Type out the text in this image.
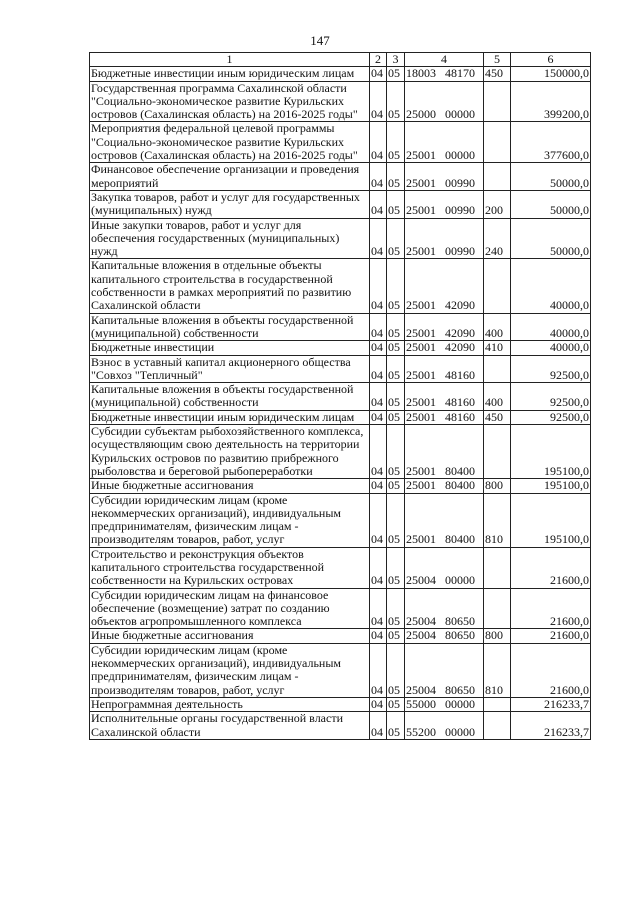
147
1	2	3	4	5	6
Бюджетные инвестиции иным юридическим лицам	04	05	18003 48170	450	150000,0
Государственная программа Сахалинской области "Социально-экономическое развитие Курильских островов (Сахалинская область) на 2016-2025 годы"	04	05	25000 00000		399200,0
Мероприятия федеральной целевой программы "Социально-экономическое развитие Курильских островов (Сахалинская область) на 2016-2025 годы"	04	05	25001 00000		377600,0
Финансовое обеспечение организации и проведения мероприятий	04	05	25001 00990		50000,0
Закупка товаров, работ и услуг для государственных (муниципальных) нужд	04	05	25001 00990	200	50000,0
Иные закупки товаров, работ и услуг для обеспечения государственных (муниципальных) нужд	04	05	25001 00990	240	50000,0
Капитальные вложения в отдельные объекты капитального строительства в государственной собственности в рамках мероприятий по развитию Сахалинской области	04	05	25001 42090		40000,0
Капитальные вложения в объекты государственной (муниципальной) собственности	04	05	25001 42090	400	40000,0
Бюджетные инвестиции	04	05	25001 42090	410	40000,0
Взнос в уставный капитал акционерного общества "Совхоз "Тепличный"	04	05	25001 48160		92500,0
Капитальные вложения в объекты государственной (муниципальной) собственности	04	05	25001 48160	400	92500,0
Бюджетные инвестиции иным юридическим лицам	04	05	25001 48160	450	92500,0
Субсидии субъектам рыбохозяйственного комплекса, осуществляющим свою деятельность на территории Курильских островов по развитию прибрежного рыболовства и береговой рыбопереработки	04	05	25001 80400		195100,0
Иные бюджетные ассигнования	04	05	25001 80400	800	195100,0
Субсидии юридическим лицам (кроме некоммерческих организаций), индивидуальным предпринимателям, физическим лицам - производителям товаров, работ, услуг	04	05	25001 80400	810	195100,0
Строительство и реконструкция объектов капитального строительства государственной собственности на Курильских островах	04	05	25004 00000		21600,0
Субсидии юридическим лицам на финансовое обеспечение (возмещение) затрат по созданию объектов агропромышленного комплекса	04	05	25004 80650		21600,0
Иные бюджетные ассигнования	04	05	25004 80650	800	21600,0
Субсидии юридическим лицам (кроме некоммерческих организаций), индивидуальным предпринимателям, физическим лицам - производителям товаров, работ, услуг	04	05	25004 80650	810	21600,0
Непрограммная деятельность	04	05	55000 00000		216233,7
Исполнительные органы государственной власти Сахалинской области	04	05	55200 00000		216233,7
